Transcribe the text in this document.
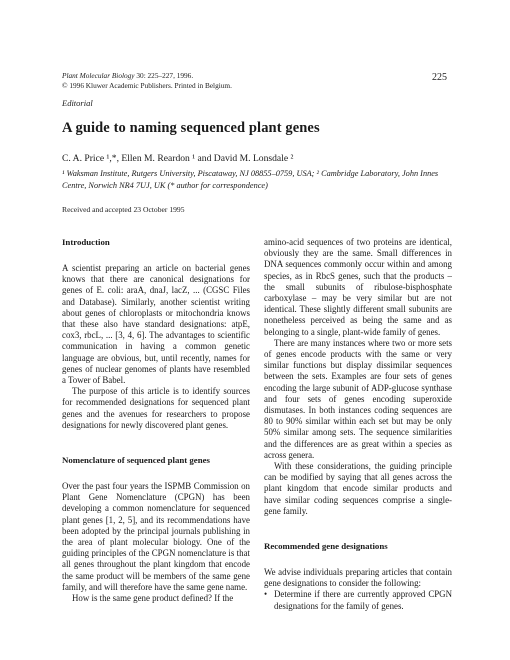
Plant Molecular Biology 30: 225–227, 1996.
© 1996 Kluwer Academic Publishers. Printed in Belgium.
225
Editorial
A guide to naming sequenced plant genes
C. A. Price ¹,*, Ellen M. Reardon ¹ and David M. Lonsdale ²
¹ Waksman Institute, Rutgers University, Piscataway, NJ 08855–0759, USA; ² Cambridge Laboratory, John Innes Centre, Norwich NR4 7UJ, UK (* author for correspondence)
Received and accepted 23 October 1995
Introduction

A scientist preparing an article on bacterial genes knows that there are canonical designations for genes of E. coli: araA, dnaJ, lacZ, ... (CGSC Files and Database). Similarly, another scientist writing about genes of chloroplasts or mitochondria knows that these also have standard designations: atpE, cox3, rbcL, ... [3, 4, 6]. The advantages to scientific communication in having a common genetic language are obvious, but, until recently, names for genes of nuclear genomes of plants have resembled a Tower of Babel.

The purpose of this article is to identify sources for recommended designations for sequenced plant genes and the avenues for researchers to propose designations for newly discovered plant genes.

Nomenclature of sequenced plant genes

Over the past four years the ISPMB Commission on Plant Gene Nomenclature (CPGN) has been developing a common nomenclature for sequenced plant genes [1, 2, 5], and its recommendations have been adopted by the principal journals publishing in the area of plant molecular biology. One of the guiding principles of the CPGN nomenclature is that all genes throughout the plant kingdom that encode the same product will be members of the same gene family, and will therefore have the same gene name.

How is the same gene product defined? If the

amino-acid sequences of two proteins are identical, obviously they are the same. Small differences in DNA sequences commonly occur within and among species, as in RbcS genes, such that the products – the small subunits of ribulose-bisphosphate carboxylase – may be very similar but are not identical. These slightly different small subunits are nonetheless perceived as being the same and as belonging to a single, plant-wide family of genes.

There are many instances where two or more sets of genes encode products with the same or very similar functions but display dissimilar sequences between the sets. Examples are four sets of genes encoding the large subunit of ADP-glucose synthase and four sets of genes encoding superoxide dismutases. In both instances coding sequences are 80 to 90% similar within each set but may be only 50% similar among sets. The sequence similarities and the differences are as great within a species as across genera.

With these considerations, the guiding principle can be modified by saying that all genes across the plant kingdom that encode similar products and have similar coding sequences comprise a single-gene family.

Recommended gene designations

We advise individuals preparing articles that contain gene designations to consider the following:

• Determine if there are currently approved CPGN designations for the family of genes.
